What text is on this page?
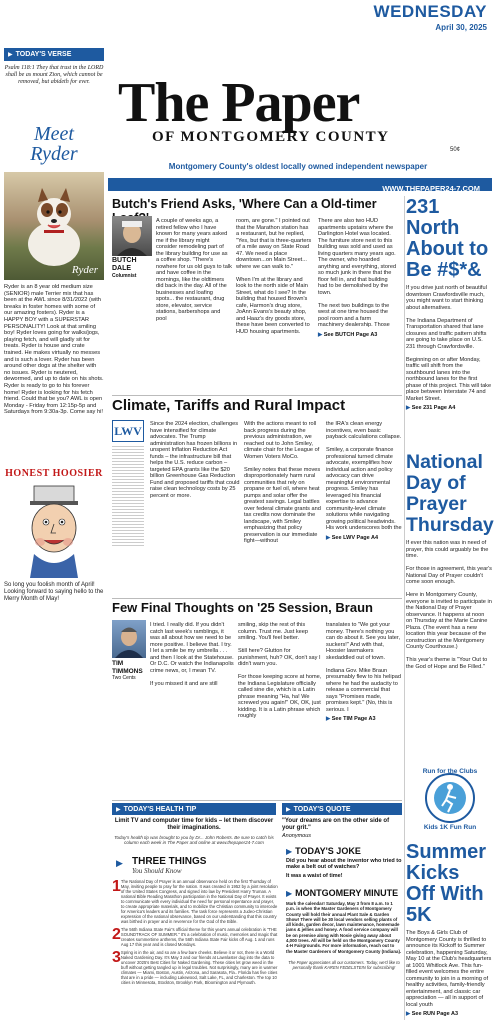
WEDNESDAY
April 30, 2025
The Paper
OF MONTGOMERY COUNTY
50¢
Montgomery County's oldest locally owned independent newspaper
WWW.THEPAPER24-7.COM
▶ TODAY'S VERSE
Psalm 118:1 They that trust in the LORD shall be as mount Zion, which cannot be removed, but abideth for ever.
Meet
Ryder
Ryder
Ryder is an 8 year old medium size (SENIOR) male Terrier mix that has been at the AWL since 8/31/2022 (with breaks in foster homes with some of our amazing fosters). Ryder is a HAPPY BOY with a SUPERSTAR PERSONALITY! Look at that smiling boy! Ryder loves going for walks/jogs, playing fetch, and will gladly sit for treats. Ryder is house and crate trained. He makes virtually no messes and is such a lover. Ryder has been around other dogs at the shelter with no issues. Ryder is neutered, dewormed, and up to date on his shots. Ryder is ready to go to his forever home! Ryder is looking for his fetch friend. Could that be you? AWL is open Monday - Friday from 12:15p-5p and Saturdays from 9:30a-3p. Come say hi!
HONEST HOOSIER
So long you foolish month of April! Looking forward to saying hello to the Merry Month of May!
Butch's Friend Asks, 'Where Can a Old-timer
BUTCH DALE
Columnist
A couple of weeks ago, a retired fellow who I have known for many years asked me if the library might consider remodeling part of the library building for use as a coffee shop. "There's nowhere for us old guys to talk and have coffee in the mornings, like the oldtimers did back in the day. All of the businesses and loafing spots... the restaurant, drug store, elevator, service stations, barbershops and pool
room, are gone." I pointed out that the Marathon station has a restaurant, but he replied, "Yes, but that is three-quarters of a mile away on State Road 47. We need a place downtown...on Main Street... where we can walk to."

When I'm at the library and look to the north side of Main Street, what do I see? In the building that housed Brown's cafe, Harmon's drug store, JoAnn Evans's beauty shop, and Haaz's dry goods store, these have been converted to HUD housing apartments.
There are also two HUD apartments upstairs where the Darlington Hotel was located. The furniture store next to this building was sold and used as living quarters many years ago. The owner, who hoarded anything and everything, stored so much junk in there that the floor fell in, and that building had to be demolished by the town.

The next two buildings to the west at one time housed the pool room and a farm machinery dealership. Those
▶ See BUTCH Page A3
Climate, Tariffs and Rural Impact
LWV	Since the 2024 election, challenges have intensified for climate advocates. The Trump administration has frozen billions in unspent Inflation Reduction Act funds – the infrastructure bill that helps the U.S. reduce carbon – targeted EPA grants like the $20 billion Greenhouse Gas Reduction Fund and proposed tariffs that could raise clean technology costs by 25 percent or more.
With the actions meant to roll back progress during the previous administration, we reached out to John Smiley, climate chair for the League of Women Voters MoCo.

Smiley notes that these moves disproportionately harm rural communities that rely on propane or fuel oil, where heat pumps and solar offer the greatest savings. Legal battles over federal climate grants and tax credits now dominate the landscape, with Smiley emphasizing that policy preservation is our immediate fight—without
the IRA's clean energy incentives, even basic payback calculations collapse.

Smiley, a corporate finance professional turned climate advocate, exemplifies how individual action and policy advocacy can drive meaningful environmental progress. Smiley has leveraged his financial expertise to advance community-level climate solutions while navigating growing political headwinds. His work underscores both the
▶ See LWV Page A4
Few Final Thoughts on '25 Session, Braun
TIM TIMMONS
Two Cents
I tried. I really did. If you didn't catch last week's ramblings, it was all about how we need to be more positive. I believe that. I try. I let a smile be my umbrella . . . and then I look at the Statehouse. Or D.C. Or watch the Indianapolis crime news, or, I mean TV.

If you missed it and are still
smiling, skip the rest of this column. Trust me. Just keep smiling. You'll feel better.

Still here? Glutton for punishment, huh? OK, don't say I didn't warn you.

For those keeping score at home, the Indiana Legislature officially called sine die, which is a Latin phrase meaning "Ha, ha! We screwed you again!" OK, OK, just kidding. It is a Latin phrase which roughly
translates to "We got your money. There's nothing you can do about it. See you later, suckers!" And with that, Hoosier lawmakers skedaddled out of town.

Indiana Gov. Mike Braun presumably flew to his helipad where he had the audacity to release a commercial that says "Promises made, promises kept." (No, this is serious. I
▶ See TIM Page A3
231 North About to Be #$*&
If you drive just north of beautiful downtown Crawfordsville much, you might want to start thinking about alternatives.

The Indiana Department of Transportation shared that lane closures and traffic pattern shifts are going to take place on U.S. 231 through Crawfordsville.

Beginning on or after Monday, traffic will shift from the southbound lanes into the northbound lanes for the first phase of this project. This will take place between Interstate 74 and Market Street.
▶ See 231 Page A4
National Day of Prayer Thursday
If ever this nation was in need of prayer, this could arguably be the time.

For those in agreement, this year's National Day of Prayer couldn't come soon enough.

Here in Montgomery County, everyone is invited to participate in the National Day of Prayer observance. It happens at noon on Thursday at the Marie Canine Plaza. (The event has a new location this year because of the construction at the Montgomery County Courthouse.)

This year's theme is "Your Out to the God of Hope and Be Filled."
Run for the Clubs
Kids 1K Fun Run
Summer Kicks Off With 5K
The Boys & Girls Club of Montgomery County is thrilled to announce its Kickoff to Summer celebration, happening Saturday, May 10 at the Club's headquarters at 1001 Whitlock Ave. This fun-filled event welcomes the entire community to join in a morning of healthy activities, family-friendly entertainment, and classic car appreciation — all in support of local youth
▶ See RUN Page A3
▶ TODAY'S HEALTH TIP
Limit TV and computer time for kids – let them discover their imaginations.
Today's health tip was brought to you by Dr... John Roberts. Be sure to catch his column each week in The Paper and online at www.thepaper24-7.com
▶ TODAY'S QUOTE
"Your dreams are on the other side of your grit."
Anonymous
THREE THINGS
You Should Know
▶
1 The National Day of Prayer is an annual observance held on the first Thursday of May, inviting people to pray for the nation. It was created in 1952 by a joint resolution of the United States Congress, and signed into law by President Harry Truman. A national Bible Reading Marathon participation in the National Day of Prayer. It exists to communicate with every individual the need for personal repentance and prayer, to create appropriate materials, and to mobilize the Christian community to intercede for America's leaders and its families. The task force represents a Judeo-Christian expression of the national observance, based on our understanding that this country was birthed in prayer and in reverence for the God of the Bible.
2 The 56th Indiana State Fair's official theme for this year's annual celebration is "THE SOUNDTRACK OF SUMMER." It's a celebration of music, memories and magic that creates summertime anthems, the 56th Indiana State Fair kicks off Aug. 1 and runs Aug 17 this year and is closed Mondays.
3 Spring is in the air, and so are a few bare cheeks. Believe it or not, there is a World Naked Gardening Day. It's May 3 and our friends at Lawnlaster dug into the data to uncover 2025's Best Cities for Naked Gardening. These cities let grow weed in the buff without getting tangled up in legal troubles. Not surprisingly, many are in warmer climates — Miami, Boston, Austin, Arizona, and Sarasota, Fla.. Florida has five cities that are in a pride — including Lakewood, Salt Lake, FL, and Charleston. The top 10 cities in Minnesota, Stockton, Brooklyn Park, Bloomington and Plymouth.
▶ TODAY'S JOKE
Did you hear about the inventor who tried to make a belt out of watches?
It was a waist of time!
▶ MONTGOMERY MINUTE
Mark the calendar! Saturday, May 3 from 8 a.m. to 1 p.m. is when the Master Gardeners of Montgomery County will hold their annual Plant Sale & Garden Show! There will be 30 local vendors selling plants of all kinds, garden decor, lawn maintenance, homemade jams & jellies and honey. A food service company will be on premise along with Nosie giving away about 4,000 trees. All will be held on the Montgomery County 4-H Fairgrounds. For more information, reach out to the Master Gardeners of Montgomery County (Indiana).
The Paper appreciates all our customers. Today, we'd like to personally thank KAREN FEDELSTEIN for subscribing!
